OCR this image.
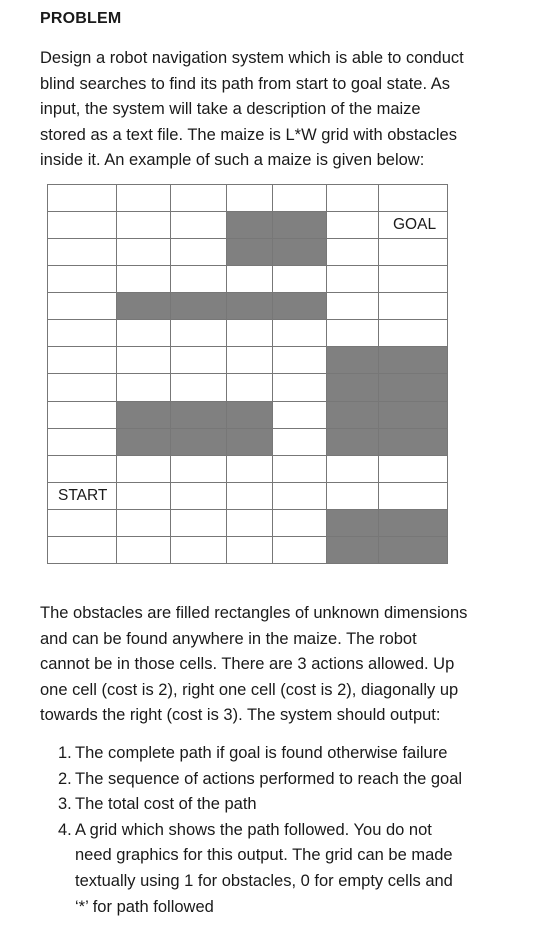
PROBLEM
Design a robot navigation system which is able to conduct
blind searches to find its path from start to goal state. As
input, the system will take a description of the maize
stored as a text file. The maize is L*W grid with obstacles
inside it. An example of such a maize is given below:

						GOAL

START						

The obstacles are filled rectangles of unknown dimensions
and can be found anywhere in the maize. The robot
cannot be in those cells. There are 3 actions allowed. Up
one cell (cost is 2), right one cell (cost is 2), diagonally up
towards the right (cost is 3). The system should output:
1. The complete path if goal is found otherwise failure
2. The sequence of actions performed to reach the goal
3. The total cost of the path
4. A grid which shows the path followed. You do not
need graphics for this output. The grid can be made
textually using 1 for obstacles, 0 for empty cells and
‘*’ for path followed
